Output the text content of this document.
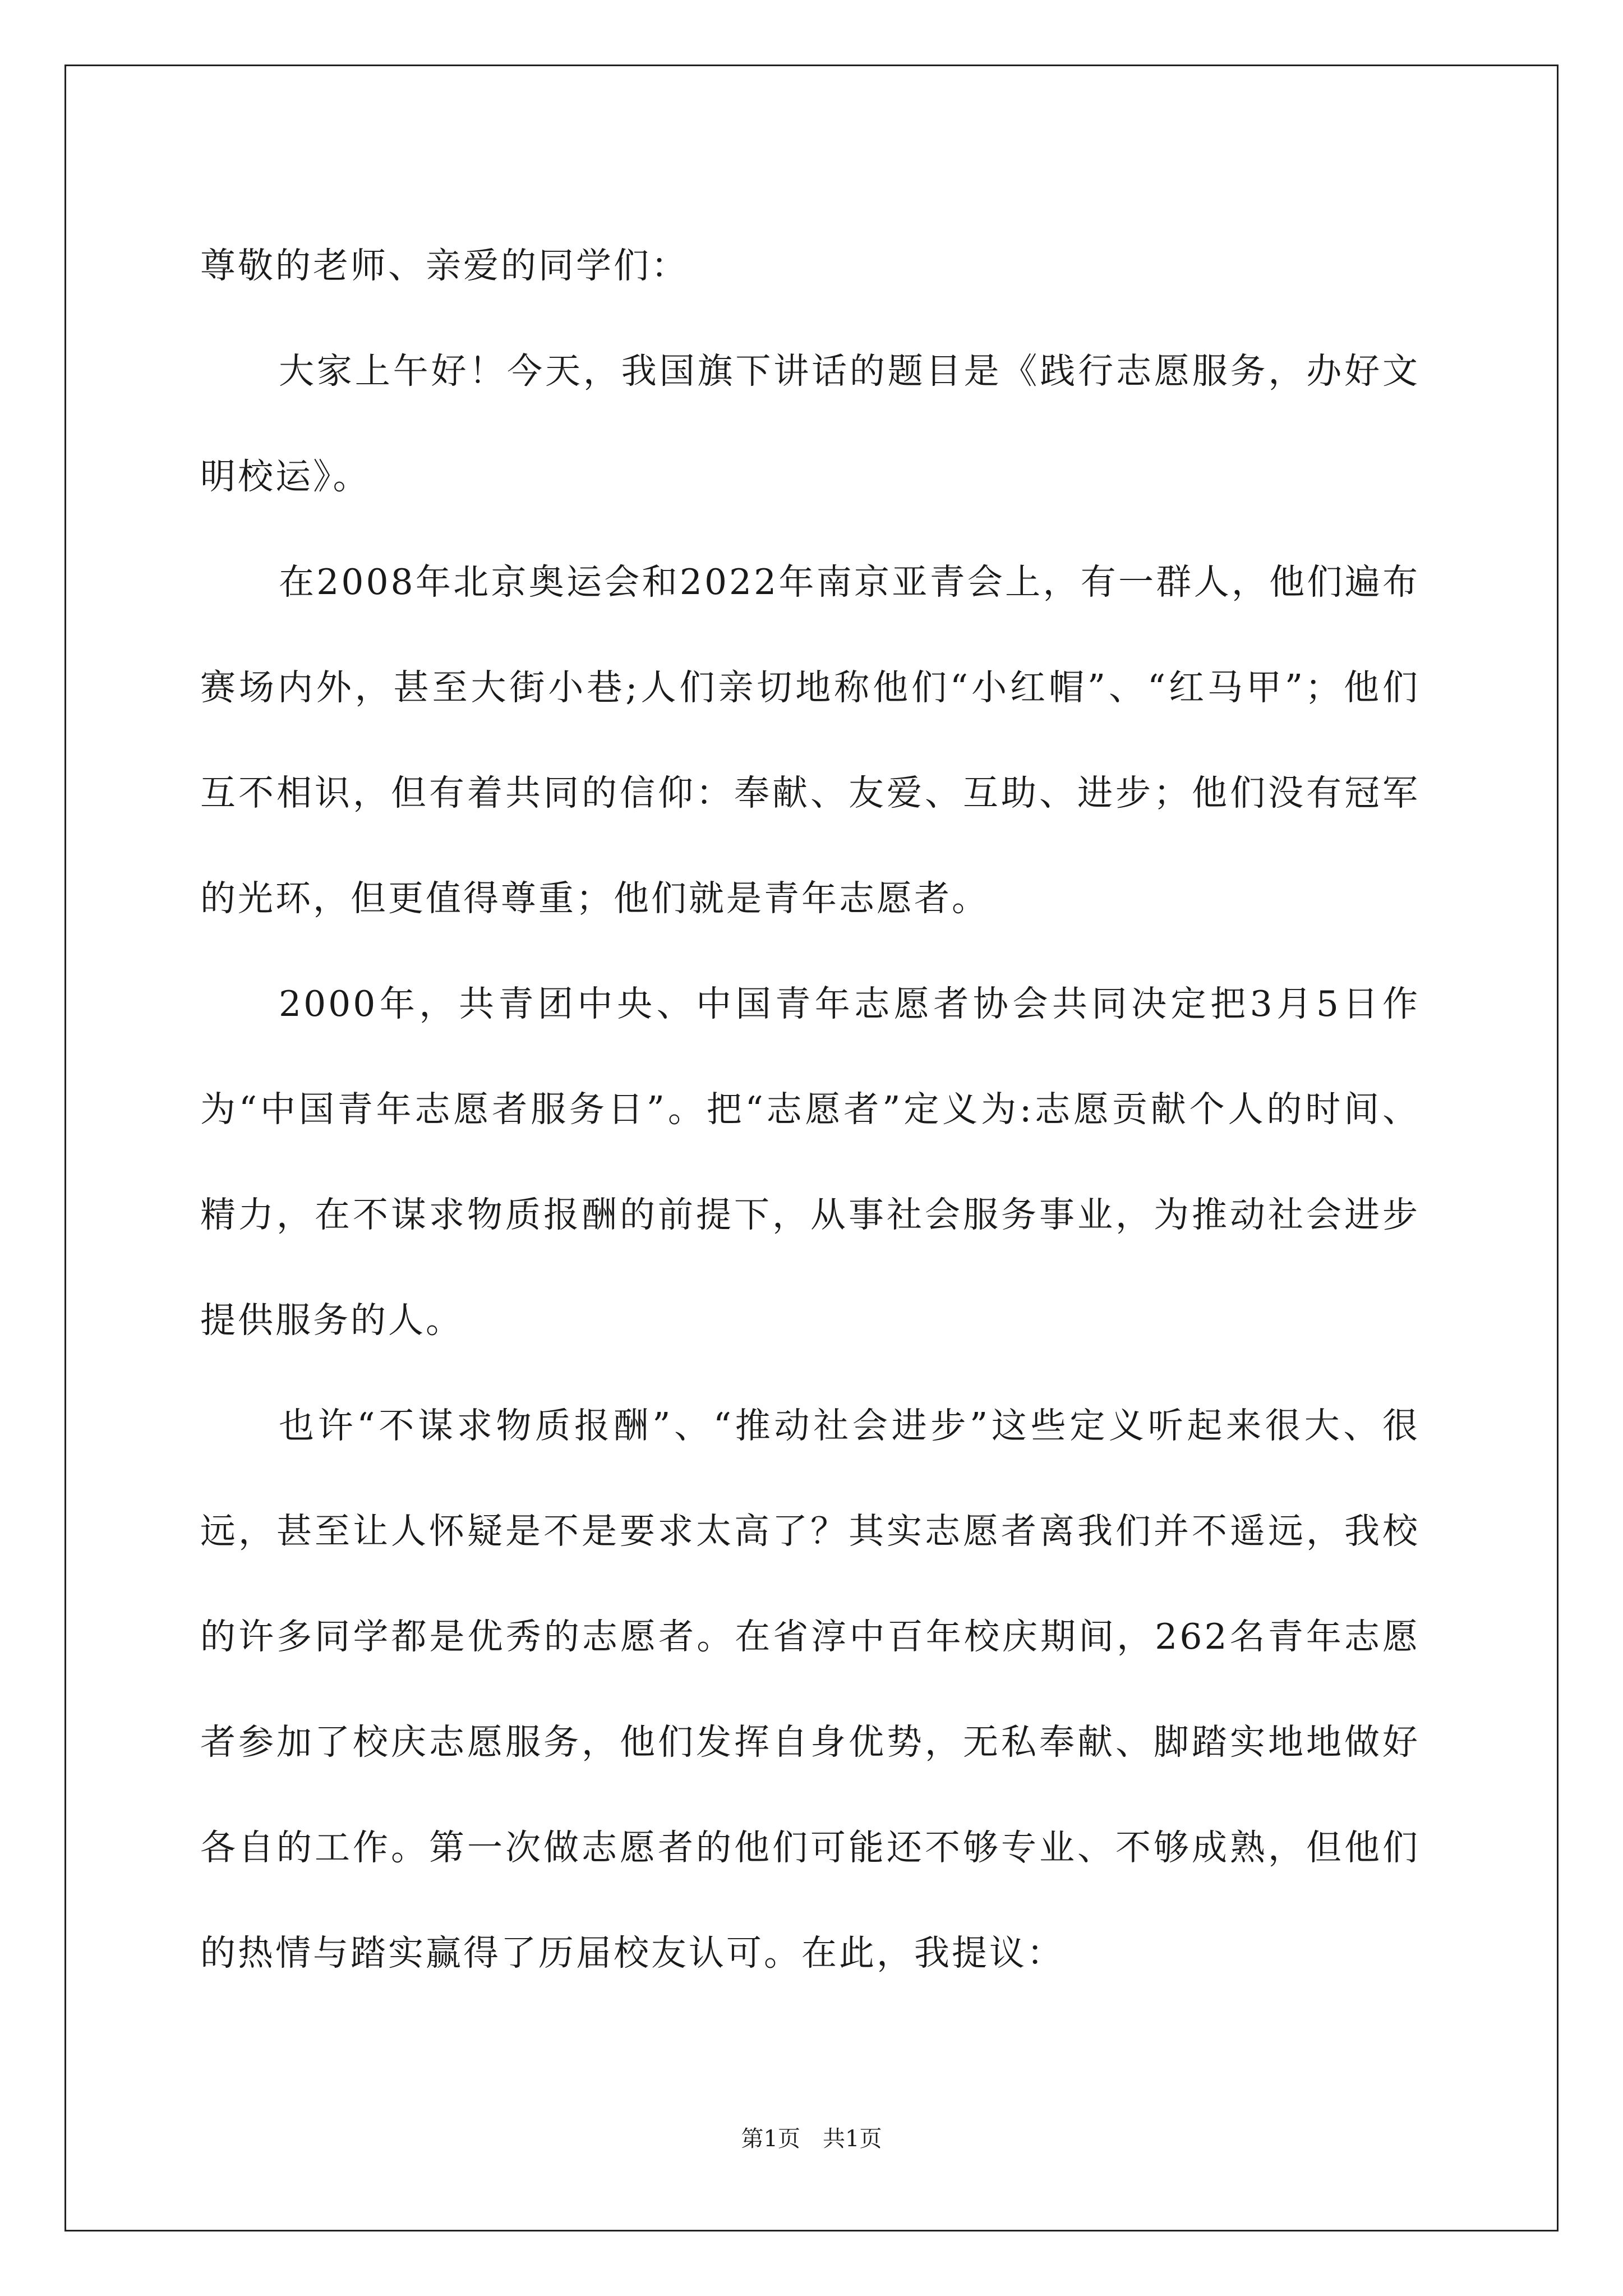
尊敬的老师、亲爱的同学们：

大家上午好！今天，我国旗下讲话的题目是《践行志愿服务，办好文明校运》。

在2008年北京奥运会和2022年南京亚青会上，有一群人，他们遍布赛场内外，甚至大街小巷;人们亲切地称他们“小红帽”、“红马甲”；他们互不相识，但有着共同的信仰：奉献、友爱、互助、进步；他们没有冠军的光环，但更值得尊重；他们就是青年志愿者。

2000年，共青团中央、中国青年志愿者协会共同决定把3月5日作为“中国青年志愿者服务日”。把“志愿者”定义为:志愿贡献个人的时间、精力，在不谋求物质报酬的前提下，从事社会服务事业，为推动社会进步提供服务的人。

也许“不谋求物质报酬”、“推动社会进步”这些定义听起来很大、很远，甚至让人怀疑是不是要求太高了？其实志愿者离我们并不遥远，我校的许多同学都是优秀的志愿者。在省淳中百年校庆期间，262名青年志愿者参加了校庆志愿服务，他们发挥自身优势，无私奉献、脚踏实地地做好各自的工作。第一次做志愿者的他们可能还不够专业、不够成熟，但他们的热情与踏实赢得了历届校友认可。在此，我提议：

第1页　共1页
